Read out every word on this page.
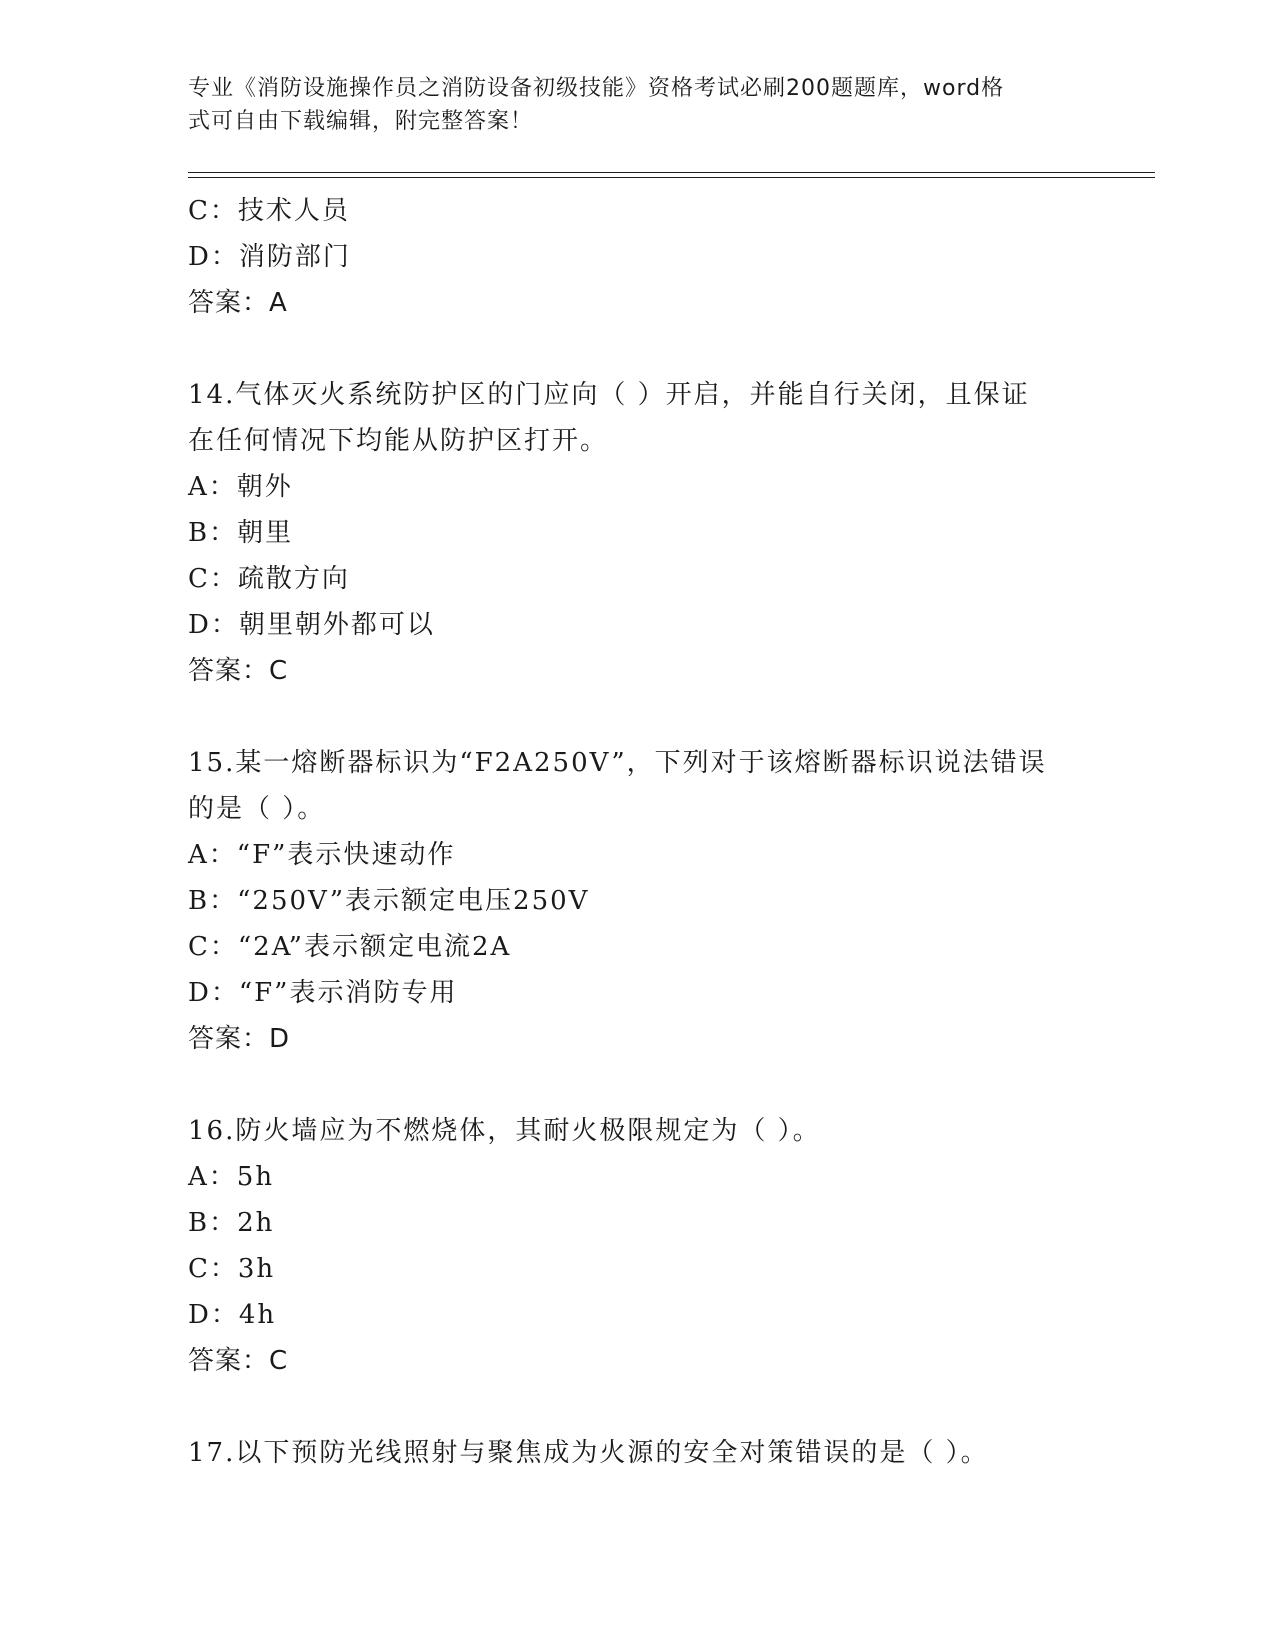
专业《消防设施操作员之消防设备初级技能》资格考试必刷200题题库，word格
式可自由下载编辑，附完整答案！
C：技术人员
D：消防部门
答案：A
14.气体灭火系统防护区的门应向（ ）开启，并能自行关闭，且保证
在任何情况下均能从防护区打开。
A：朝外
B：朝里
C：疏散方向
D：朝里朝外都可以
答案：C
15.某一熔断器标识为“F2A250V”，下列对于该熔断器标识说法错误
的是（ ）。
A：“F”表示快速动作
B：“250V”表示额定电压250V
C：“2A”表示额定电流2A
D：“F”表示消防专用
答案：D
16.防火墙应为不燃烧体，其耐火极限规定为（ ）。
A：5h
B：2h
C：3h
D：4h
答案：C
17.以下预防光线照射与聚焦成为火源的安全对策错误的是（ ）。
